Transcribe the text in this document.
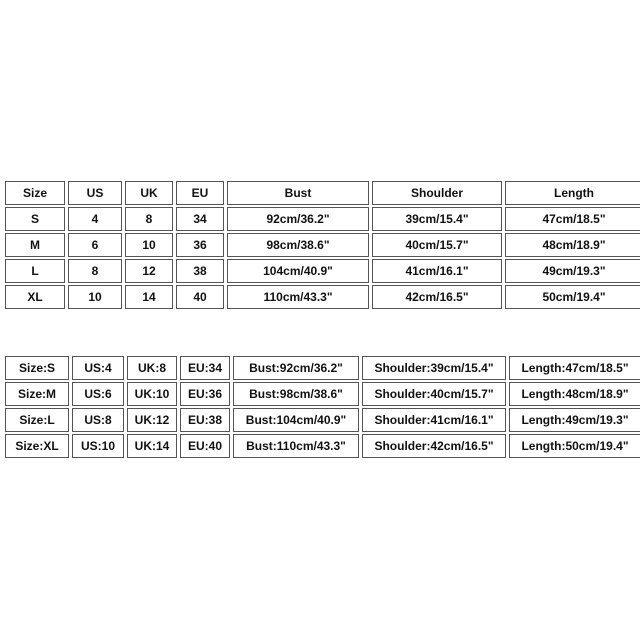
Size	US	UK	EU	Bust	Shoulder	Length
S	4	8	34	92cm/36.2"	39cm/15.4"	47cm/18.5"
M	6	10	36	98cm/38.6"	40cm/15.7"	48cm/18.9"
L	8	12	38	104cm/40.9"	41cm/16.1"	49cm/19.3"
XL	10	14	40	110cm/43.3"	42cm/16.5"	50cm/19.4"
Size:S	US:4	UK:8	EU:34	Bust:92cm/36.2"	Shoulder:39cm/15.4"	Length:47cm/18.5"
Size:M	US:6	UK:10	EU:36	Bust:98cm/38.6"	Shoulder:40cm/15.7"	Length:48cm/18.9"
Size:L	US:8	UK:12	EU:38	Bust:104cm/40.9"	Shoulder:41cm/16.1"	Length:49cm/19.3"
Size:XL	US:10	UK:14	EU:40	Bust:110cm/43.3"	Shoulder:42cm/16.5"	Length:50cm/19.4"
